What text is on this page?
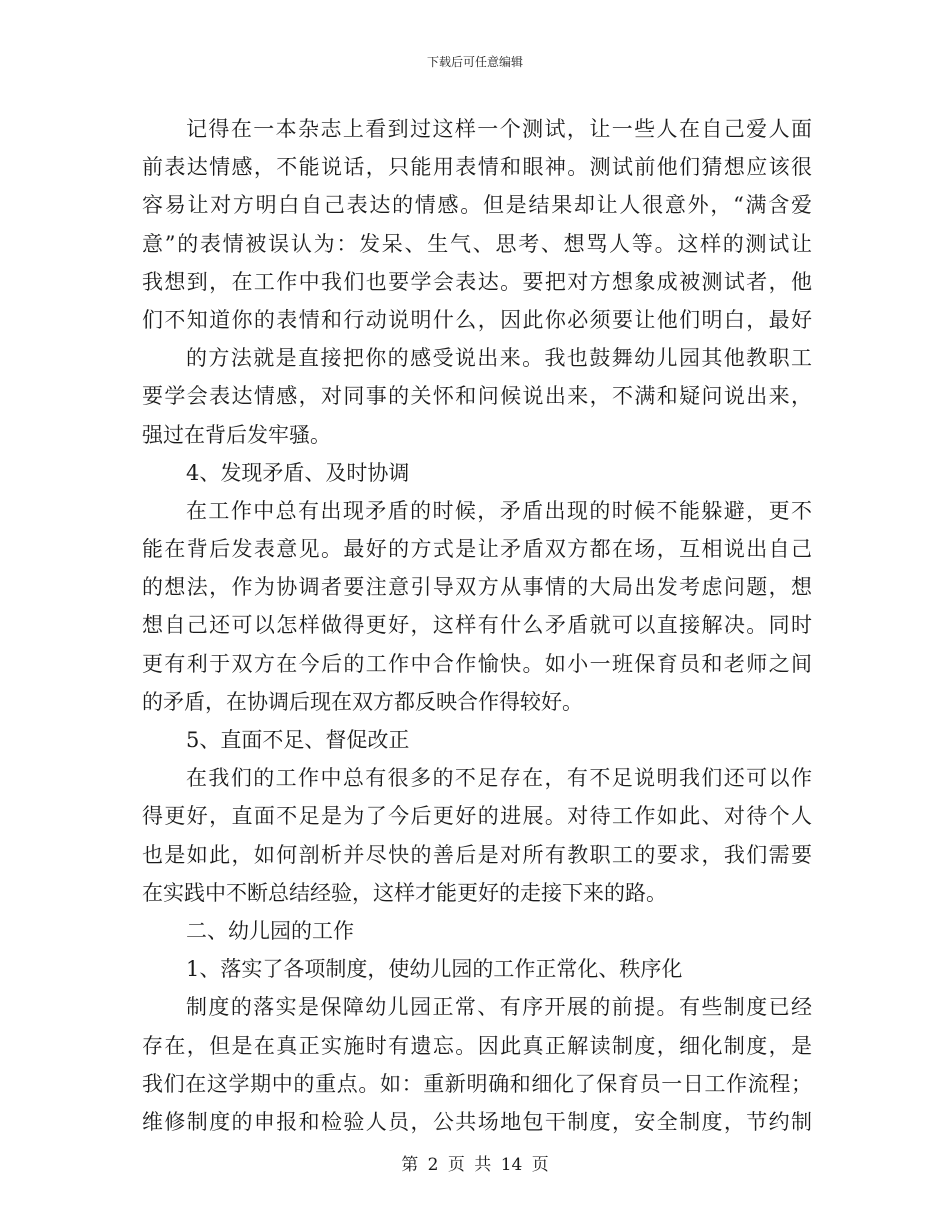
下载后可任意编辑
记得在一本杂志上看到过这样一个测试，让一些人在自己爱人面
前表达情感，不能说话，只能用表情和眼神。测试前他们猜想应该很
容易让对方明白自己表达的情感。但是结果却让人很意外，“满含爱
意”的表情被误认为：发呆、生气、思考、想骂人等。这样的测试让
我想到，在工作中我们也要学会表达。要把对方想象成被测试者，他
们不知道你的表情和行动说明什么，因此你必须要让他们明白，最好
的方法就是直接把你的感受说出来。我也鼓舞幼儿园其他教职工
要学会表达情感，对同事的关怀和问候说出来，不满和疑问说出来，
强过在背后发牢骚。
4、发现矛盾、及时协调
在工作中总有出现矛盾的时候，矛盾出现的时候不能躲避，更不
能在背后发表意见。最好的方式是让矛盾双方都在场，互相说出自己
的想法，作为协调者要注意引导双方从事情的大局出发考虑问题，想
想自己还可以怎样做得更好，这样有什么矛盾就可以直接解决。同时
更有利于双方在今后的工作中合作愉快。如小一班保育员和老师之间
的矛盾，在协调后现在双方都反映合作得较好。
5、直面不足、督促改正
在我们的工作中总有很多的不足存在，有不足说明我们还可以作
得更好，直面不足是为了今后更好的进展。对待工作如此、对待个人
也是如此，如何剖析并尽快的善后是对所有教职工的要求，我们需要
在实践中不断总结经验，这样才能更好的走接下来的路。
二、幼儿园的工作
1、落实了各项制度，使幼儿园的工作正常化、秩序化
制度的落实是保障幼儿园正常、有序开展的前提。有些制度已经
存在，但是在真正实施时有遗忘。因此真正解读制度，细化制度，是
我们在这学期中的重点。如：重新明确和细化了保育员一日工作流程；
维修制度的申报和检验人员，公共场地包干制度，安全制度，节约制
第 2 页 共 14 页
